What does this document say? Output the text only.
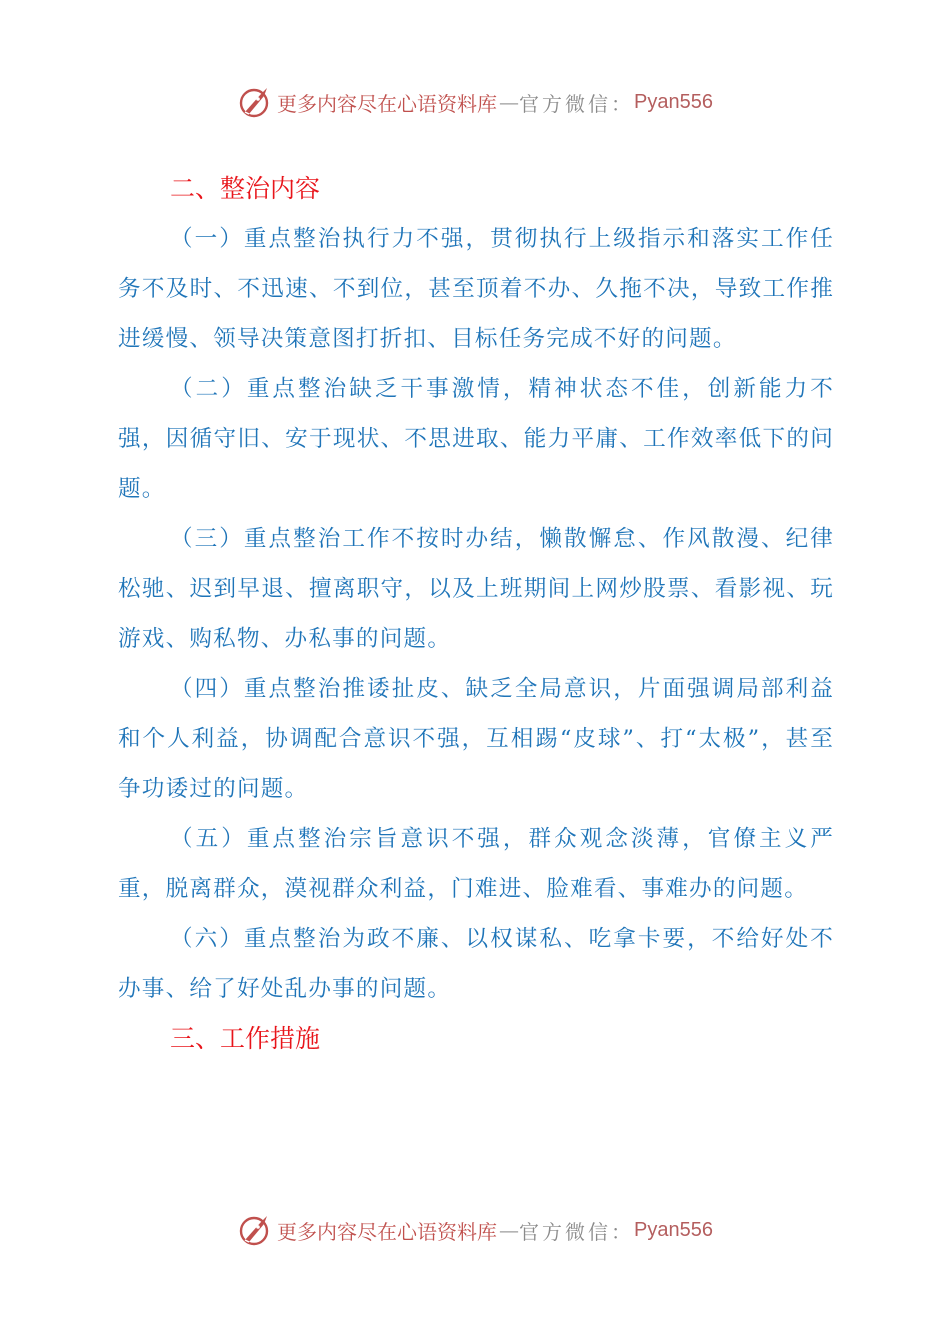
更多内容尽在心语资料库 — 官方微信： Pyan556
二、整治内容

（一）重点整治执行力不强，贯彻执行上级指示和落实工作任务不及时、不迅速、不到位，甚至顶着不办、久拖不决，导致工作推进缓慢、领导决策意图打折扣、目标任务完成不好的问题。

（二）重点整治缺乏干事激情，精神状态不佳，创新能力不强，因循守旧、安于现状、不思进取、能力平庸、工作效率低下的问题。

（三）重点整治工作不按时办结，懒散懈怠、作风散漫、纪律松驰、迟到早退、擅离职守，以及上班期间上网炒股票、看影视、玩游戏、购私物、办私事的问题。

（四）重点整治推诿扯皮、缺乏全局意识，片面强调局部利益和个人利益，协调配合意识不强，互相踢“皮球”、打“太极”，甚至争功诿过的问题。

（五）重点整治宗旨意识不强，群众观念淡薄，官僚主义严重，脱离群众，漠视群众利益，门难进、脸难看、事难办的问题。

（六）重点整治为政不廉、以权谋私、吃拿卡要，不给好处不办事、给了好处乱办事的问题。

三、工作措施
更多内容尽在心语资料库 — 官方微信： Pyan556
